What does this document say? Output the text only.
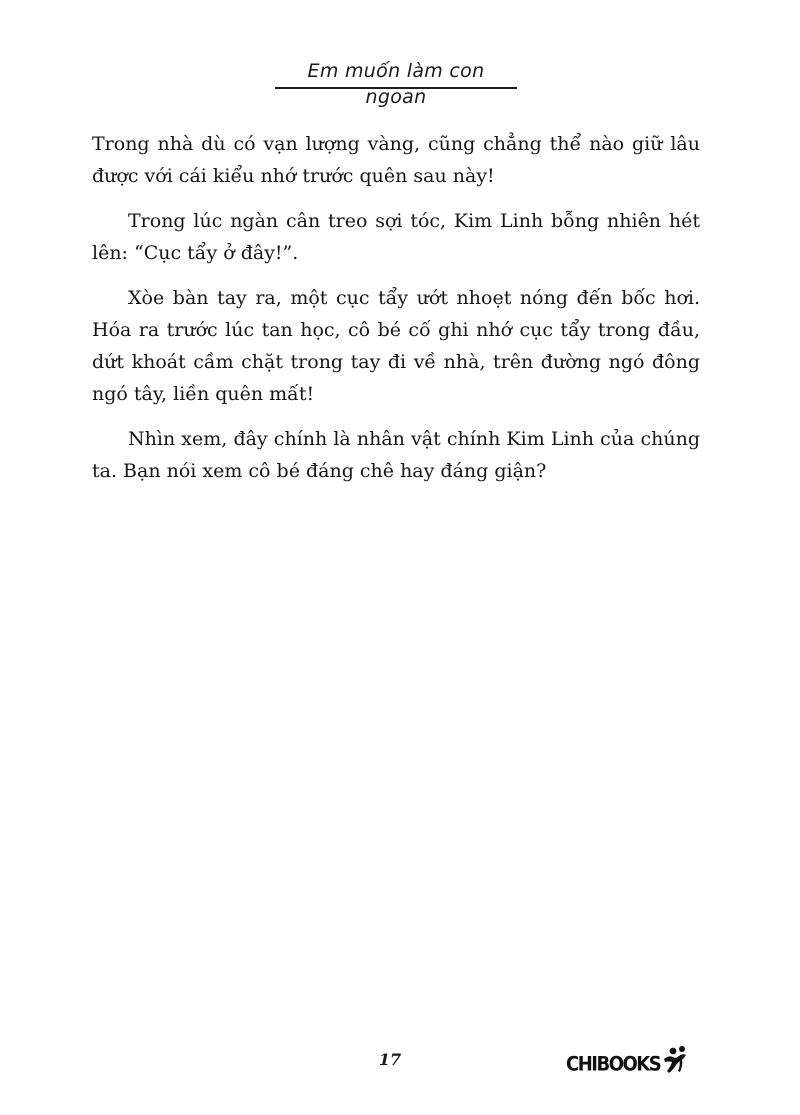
Em muốn làm con ngoan

Trong nhà dù có vạn lượng vàng, cũng chẳng thể nào giữ lâu được với cái kiểu nhớ trước quên sau này!

Trong lúc ngàn cân treo sợi tóc, Kim Linh bỗng nhiên hét lên: “Cục tẩy ở đây!”.

Xòe bàn tay ra, một cục tẩy ướt nhoẹt nóng đến bốc hơi. Hóa ra trước lúc tan học, cô bé cố ghi nhớ cục tẩy trong đầu, dứt khoát cầm chặt trong tay đi về nhà, trên đường ngó đông ngó tây, liền quên mất!

Nhìn xem, đây chính là nhân vật chính Kim Linh của chúng ta. Bạn nói xem cô bé đáng chê hay đáng giận?

17	CHIBOOKS
